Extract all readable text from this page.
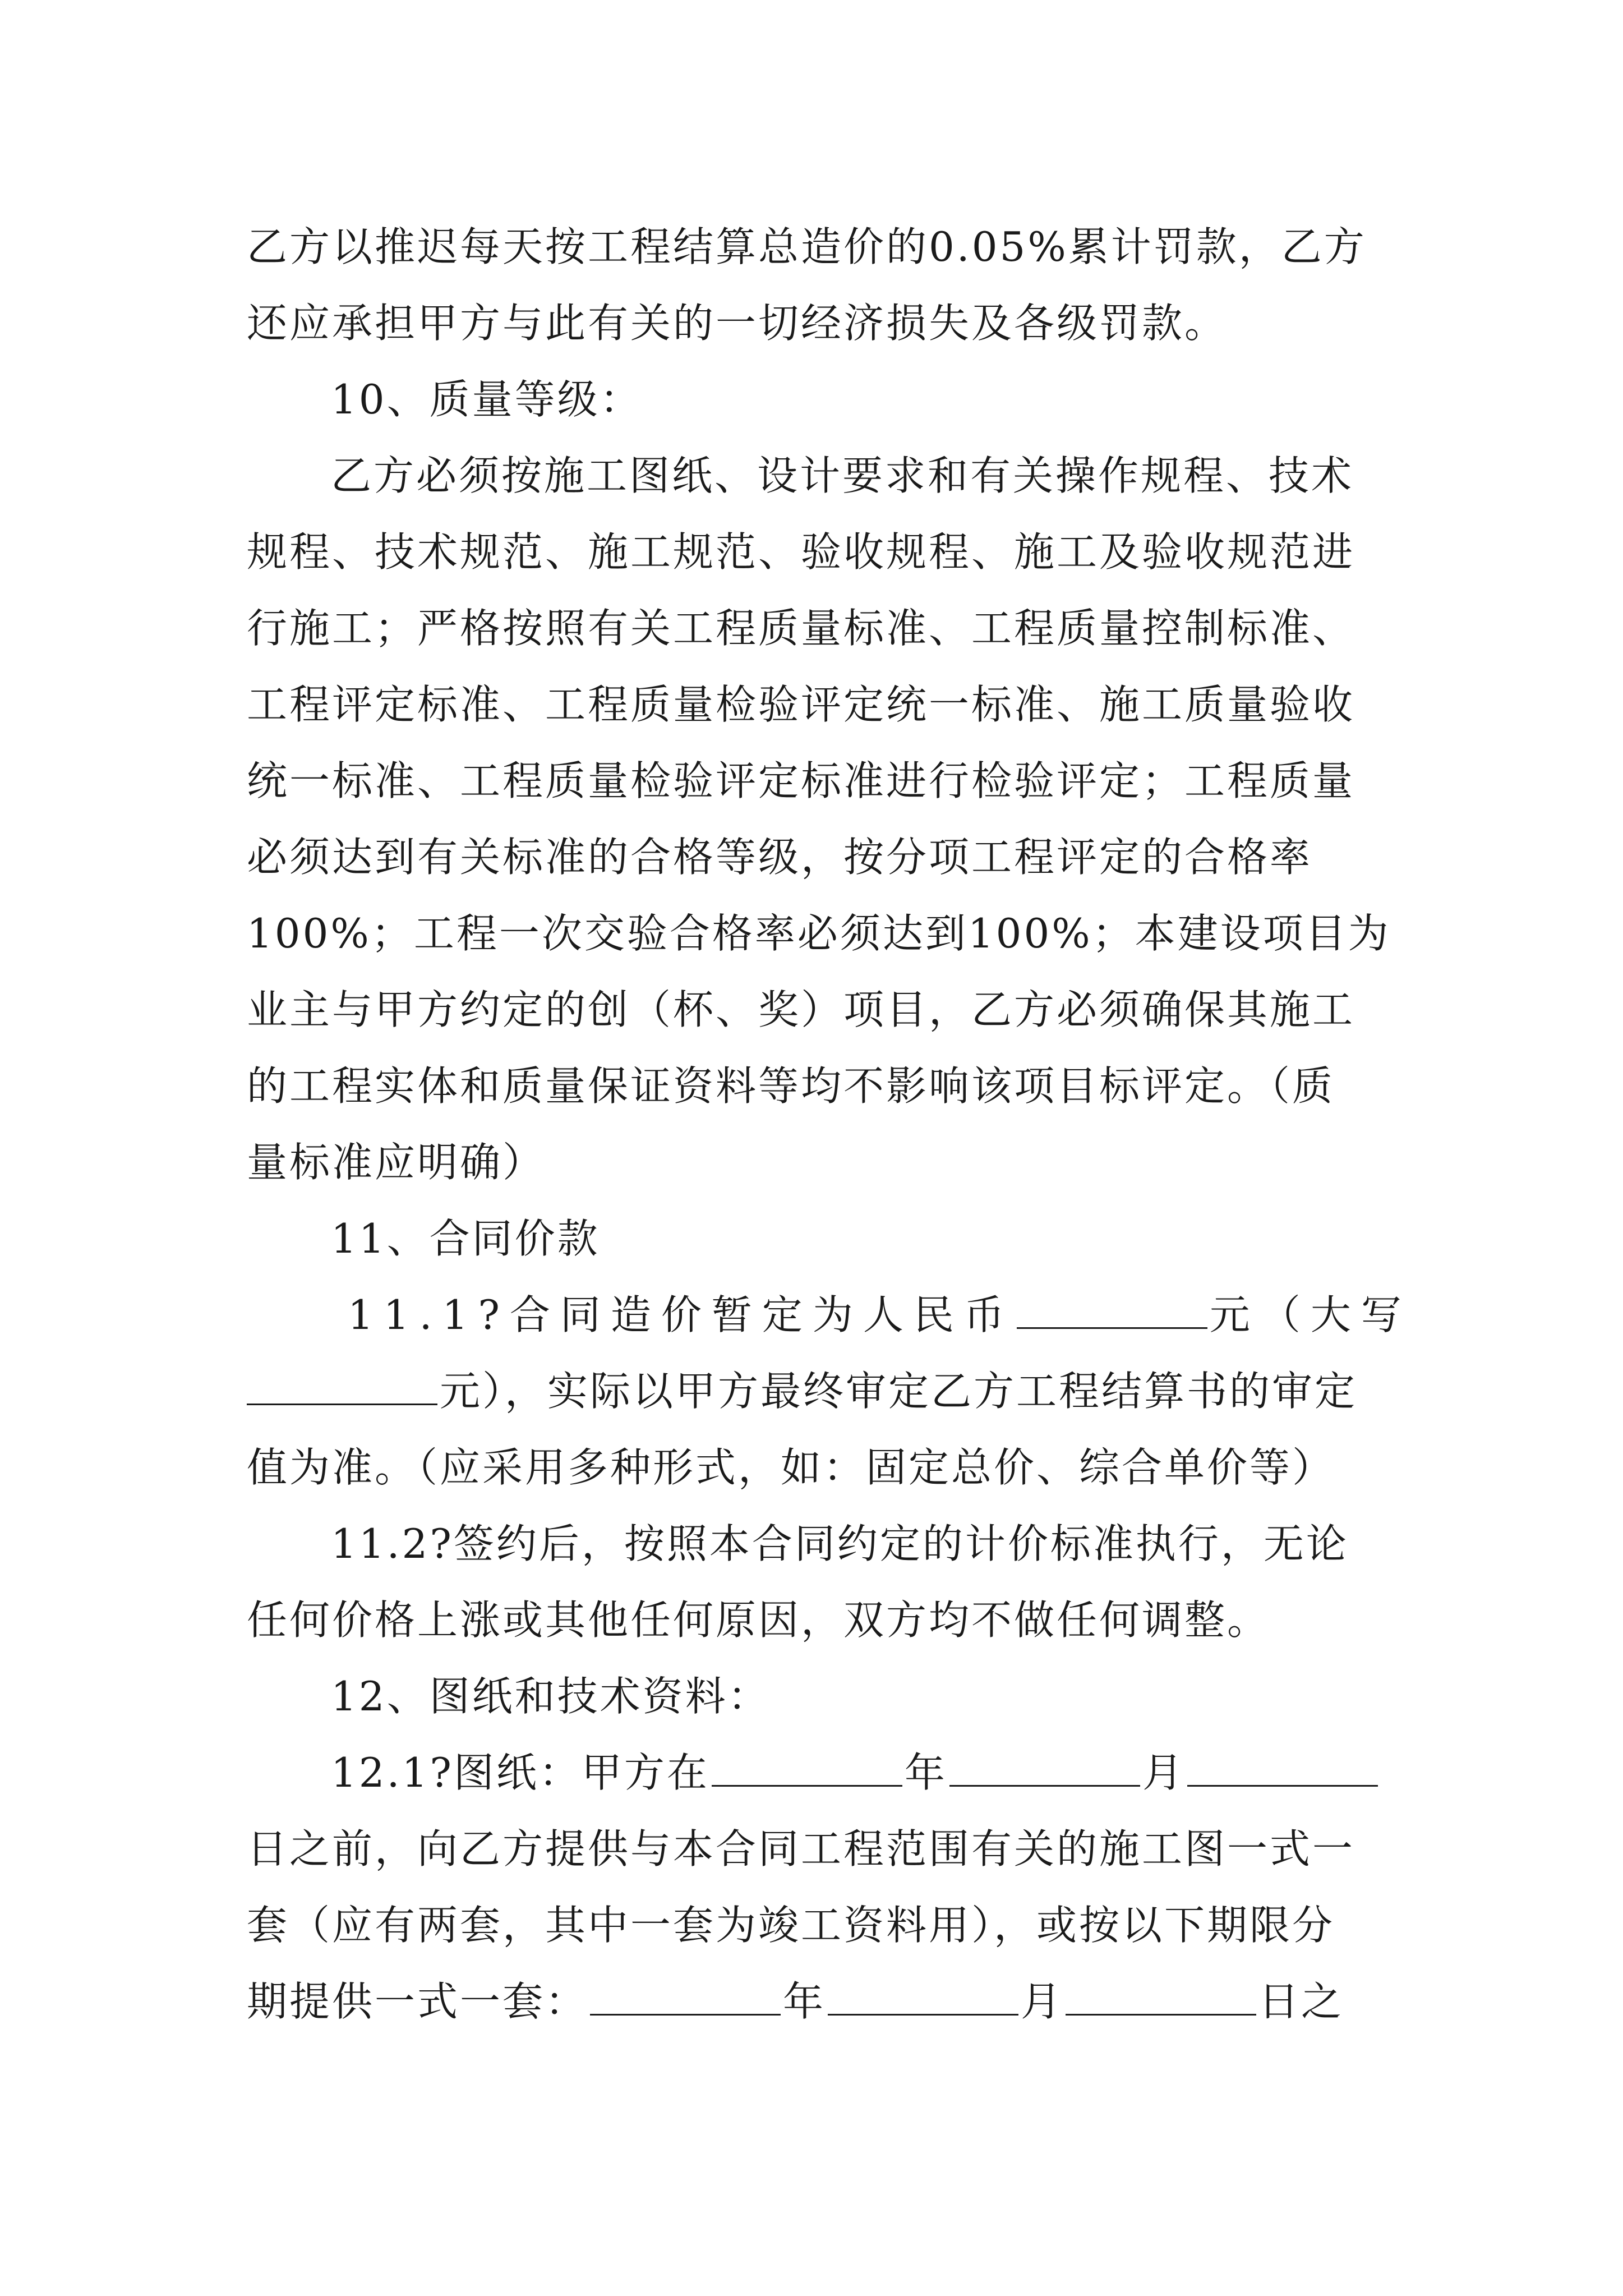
乙方以推迟每天按工程结算总造价的0.05%累计罚款，乙方
还应承担甲方与此有关的一切经济损失及各级罚款。
10、质量等级：
乙方必须按施工图纸、设计要求和有关操作规程、技术
规程、技术规范、施工规范、验收规程、施工及验收规范进
行施工；严格按照有关工程质量标准、工程质量控制标准、
工程评定标准、工程质量检验评定统一标准、施工质量验收
统一标准、工程质量检验评定标准进行检验评定；工程质量
必须达到有关标准的合格等级，按分项工程评定的合格率
100%；工程一次交验合格率必须达到100%；本建设项目为
业主与甲方约定的创（杯、奖）项目，乙方必须确保其施工
的工程实体和质量保证资料等均不影响该项目标评定。（质
量标准应明确）
11、合同价款
11.1?合同造价暂定为人民币	元（大写
元），实际以甲方最终审定乙方工程结算书的审定
值为准。（应采用多种形式，如：固定总价、综合单价等）
11.2?签约后，按照本合同约定的计价标准执行，无论
任何价格上涨或其他任何原因，双方均不做任何调整。
12、图纸和技术资料：
12.1?图纸：甲方在	年	月
日之前，向乙方提供与本合同工程范围有关的施工图一式一
套（应有两套，其中一套为竣工资料用），或按以下期限分
期提供一式一套：	年	月	日之
